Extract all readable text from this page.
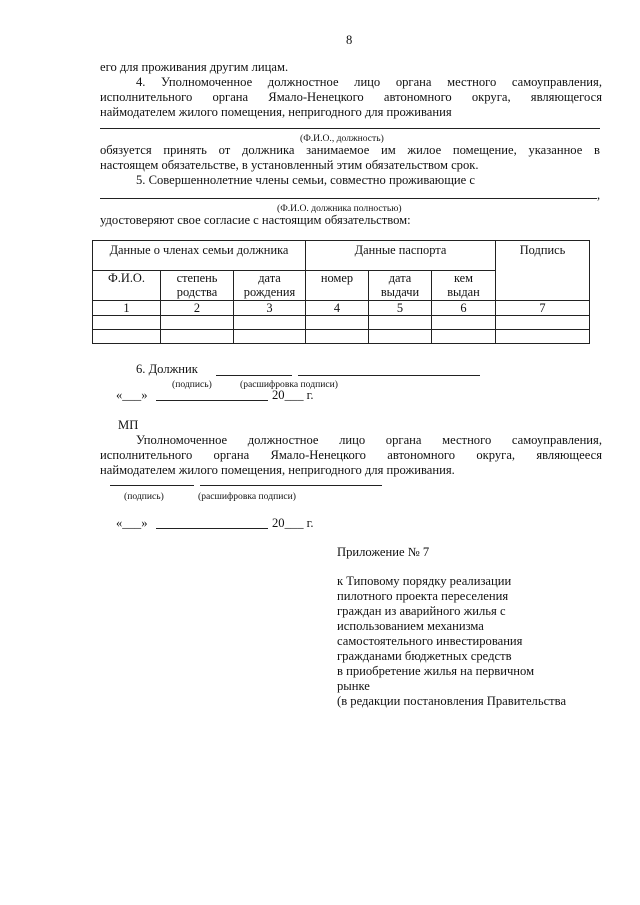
8
его для проживания другим лицам.
4. Уполномоченное должностное лицо органа местного самоуправления,
исполнительного органа Ямало-Ненецкого автономного округа, являющегося
наймодателем жилого помещения, непригодного для проживания
(Ф.И.О., должность)
обязуется принять от должника занимаемое им жилое помещение, указанное в
настоящем обязательстве, в установленный этим обязательством срок.
5. Совершеннолетние члены семьи, совместно проживающие с
,
(Ф.И.О. должника полностью)
удостоверяют свое согласие с настоящим обязательством:
Данные о членах семьи должника			Данные паспорта			Подпись
Ф.И.О.	степень родства	дата рождения	номер	дата выдачи	кем выдан	
1	2	3	4	5	6	7

6. Должник
(подпись)	(расшифровка подписи)
«___»	20___ г.
МП
Уполномоченное должностное лицо органа местного самоуправления,
исполнительного органа Ямало-Ненецкого автономного округа, являющееся
наймодателем жилого помещения, непригодного для проживания.
(подпись)	(расшифровка подписи)
«___»	20___ г.
Приложение № 7
к Типовому порядку реализации
пилотного проекта переселения
граждан из аварийного жилья с
использованием механизма
самостоятельного инвестирования
гражданами бюджетных средств
в приобретение жилья на первичном
рынке
(в редакции постановления Правительства
